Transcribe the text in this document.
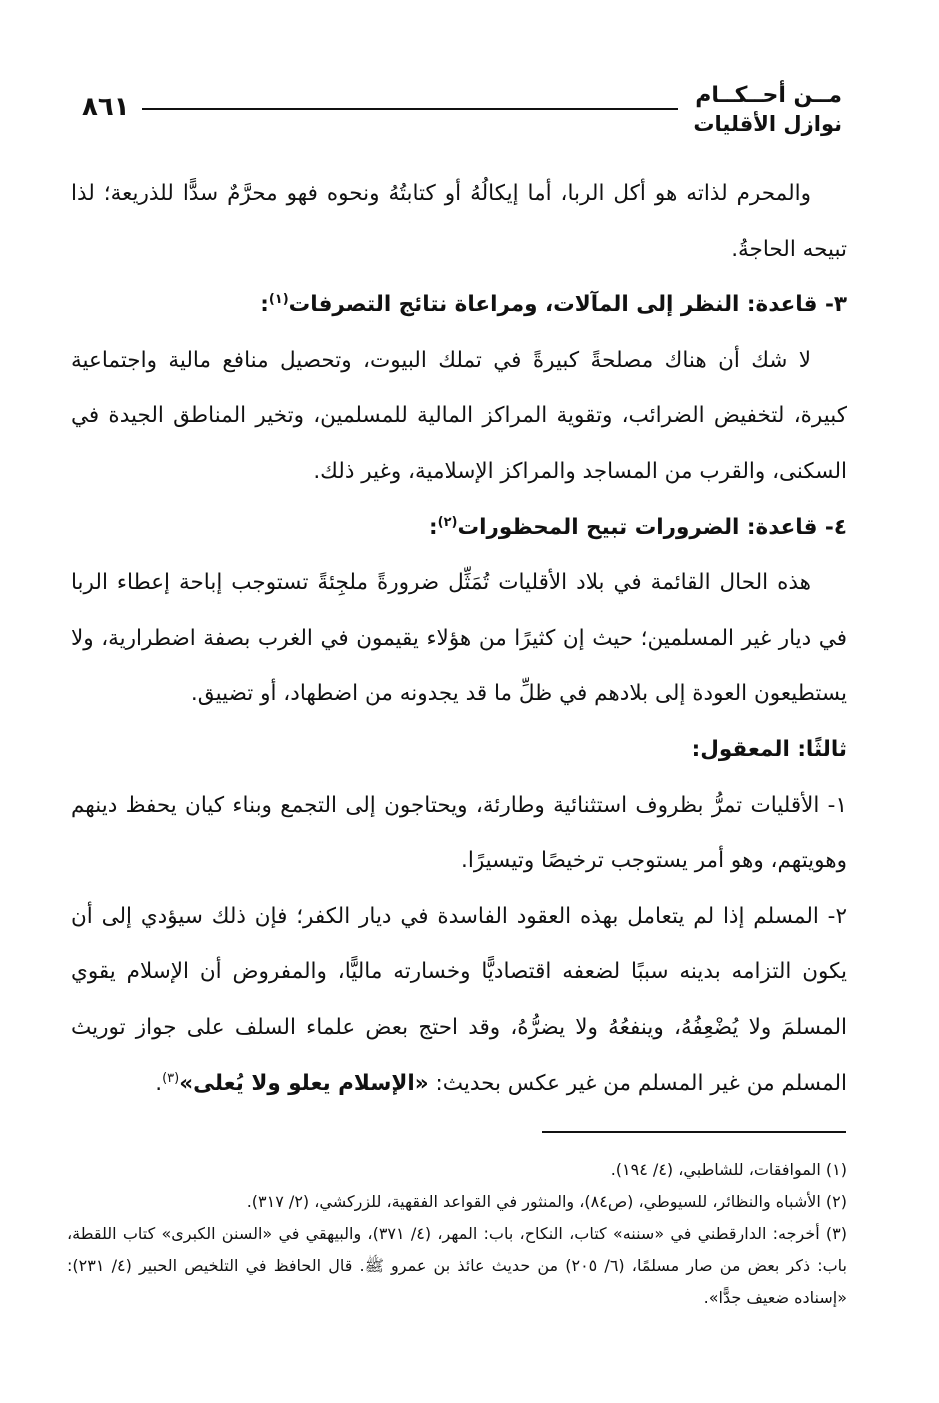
٨٦١	مــن أحــكــام
نوازل الأقليات

والمحرم لذاته هو أكل الربا، أما إيكالُهُ أو كتابتُهُ ونحوه فهو محرَّمٌ سدًّا للذريعة؛ لذا تبيحه الحاجةُ.

٣- قاعدة: النظر إلى المآلات، ومراعاة نتائج التصرفات$^{(١)}$:

لا شك أن هناك مصلحةً كبيرةً في تملك البيوت، وتحصيل منافع مالية واجتماعية كبيرة، لتخفيض الضرائب، وتقوية المراكز المالية للمسلمين، وتخير المناطق الجيدة في السكنى، والقرب من المساجد والمراكز الإسلامية، وغير ذلك.

٤- قاعدة: الضرورات تبيح المحظورات$^{(٢)}$:

هذه الحال القائمة في بلاد الأقليات تُمَثِّل ضرورةً ملجِئةً تستوجب إباحة إعطاء الربا في ديار غير المسلمين؛ حيث إن كثيرًا من هؤلاء يقيمون في الغرب بصفة اضطرارية، ولا يستطيعون العودة إلى بلادهم في ظلِّ ما قد يجدونه من اضطهاد، أو تضييق.

ثالثًا: المعقول:

١- الأقليات تمرُّ بظروف استثنائية وطارئة، ويحتاجون إلى التجمع وبناء كيان يحفظ دينهم وهويتهم، وهو أمر يستوجب ترخيصًا وتيسيرًا.

٢- المسلم إذا لم يتعامل بهذه العقود الفاسدة في ديار الكفر؛ فإن ذلك سيؤدي إلى أن يكون التزامه بدينه سببًا لضعفه اقتصاديًّا وخسارته ماليًّا، والمفروض أن الإسلام يقوي المسلمَ ولا يُضْعِفُهُ، وينفعُهُ ولا يضرُّهُ، وقد احتج بعض علماء السلف على جواز توريث المسلم من غير المسلم من غير عكس بحديث: «الإسلام يعلو ولا يُعلى»$^{(٣)}$.

(١) الموافقات، للشاطبي، (٤/ ١٩٤).

(٢) الأشباه والنظائر، للسيوطي، (ص٨٤)، والمنثور في القواعد الفقهية، للزركشي، (٢/ ٣١٧).

(٣) أخرجه: الدارقطني في «سننه» كتاب، النكاح، باب: المهر، (٤/ ٣٧١)، والبيهقي في «السنن الكبرى» كتاب اللقطة، باب: ذكر بعض من صار مسلمًا، (٦/ ٢٠٥) من حديث عائذ بن عمرو ﷺ. قال الحافظ في التلخيص الحبير (٤/ ٢٣١): «إسناده ضعيف جدًّا».
